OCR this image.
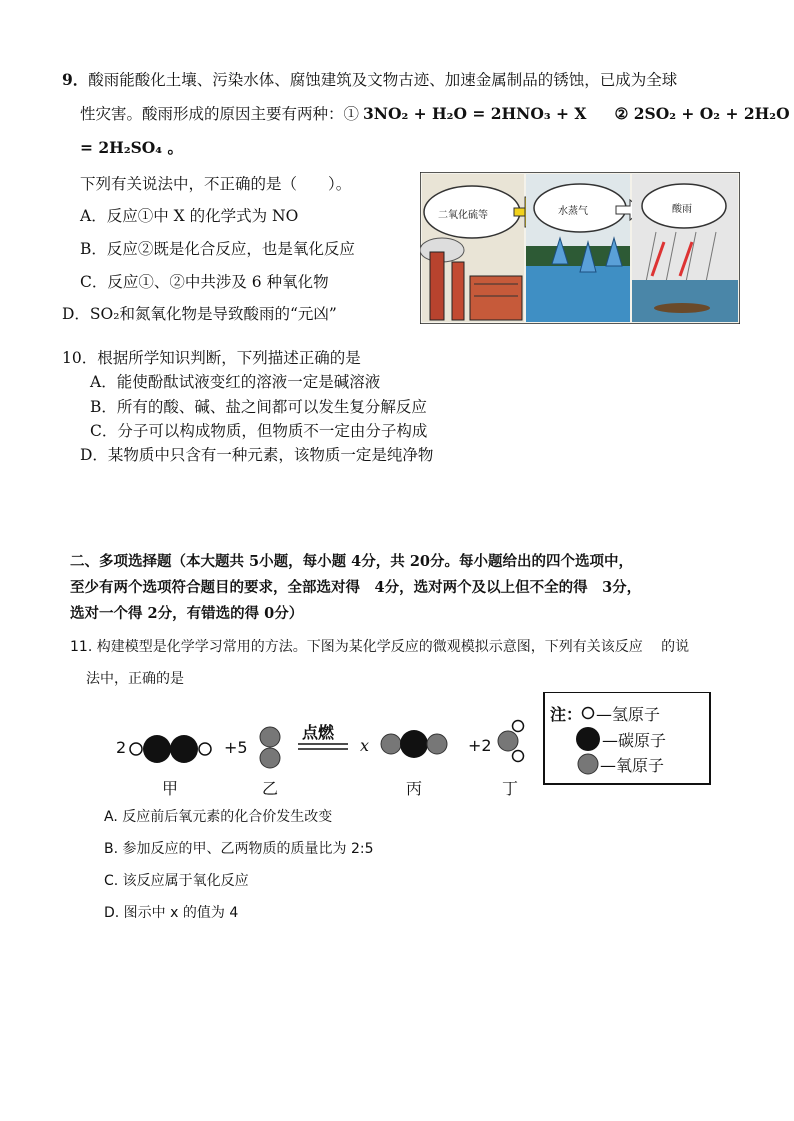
9．酸雨能酸化土壤、污染水体、腐蚀建筑及文物古迹、加速金属制品的锈蚀，已成为全球
性灾害。酸雨形成的原因主要有两种：① 3NO₂ + H₂O = 2HNO₃ + X ② 2SO₂ + O₂ + 2H₂O
= 2H₂SO₄ 。
下列有关说法中，不正确的是（　　）。
A．反应①中 X 的化学式为 NO
B．反应②既是化合反应，也是氧化反应
C．反应①、②中共涉及 6 种氧化物
D．SO₂和氮氧化物是导致酸雨的“元凶”
二氧化硫等	水蒸气	酸雨
10．根据所学知识判断，下列描述正确的是
A．能使酚酞试液变红的溶液一定是碱溶液
B．所有的酸、碱、盐之间都可以发生复分解反应
C．分子可以构成物质，但物质不一定由分子构成
D．某物质中只含有一种元素，该物质一定是纯净物
二、多项选择题（本大题共 5小题，每小题 4分，共 20分。每小题给出的四个选项中，
至少有两个选项符合题目的要求，全部选对得　4分，选对两个及以上但不全的得　3分，
选对一个得 2分，有错选的得 0分）
11. 构建模型是化学学习常用的方法。下图为某化学反应的微观模拟示意图，下列有关该反应　 的说
法中，正确的是
2	+5
点燃
x	+2
甲	乙	丙	丁
注： —氢原子
—碳原子
—氧原子
A. 反应前后氧元素的化合价发生改变
B. 参加反应的甲、乙两物质的质量比为 2:5
C. 该反应属于氧化反应
D. 图示中 x 的值为 4
